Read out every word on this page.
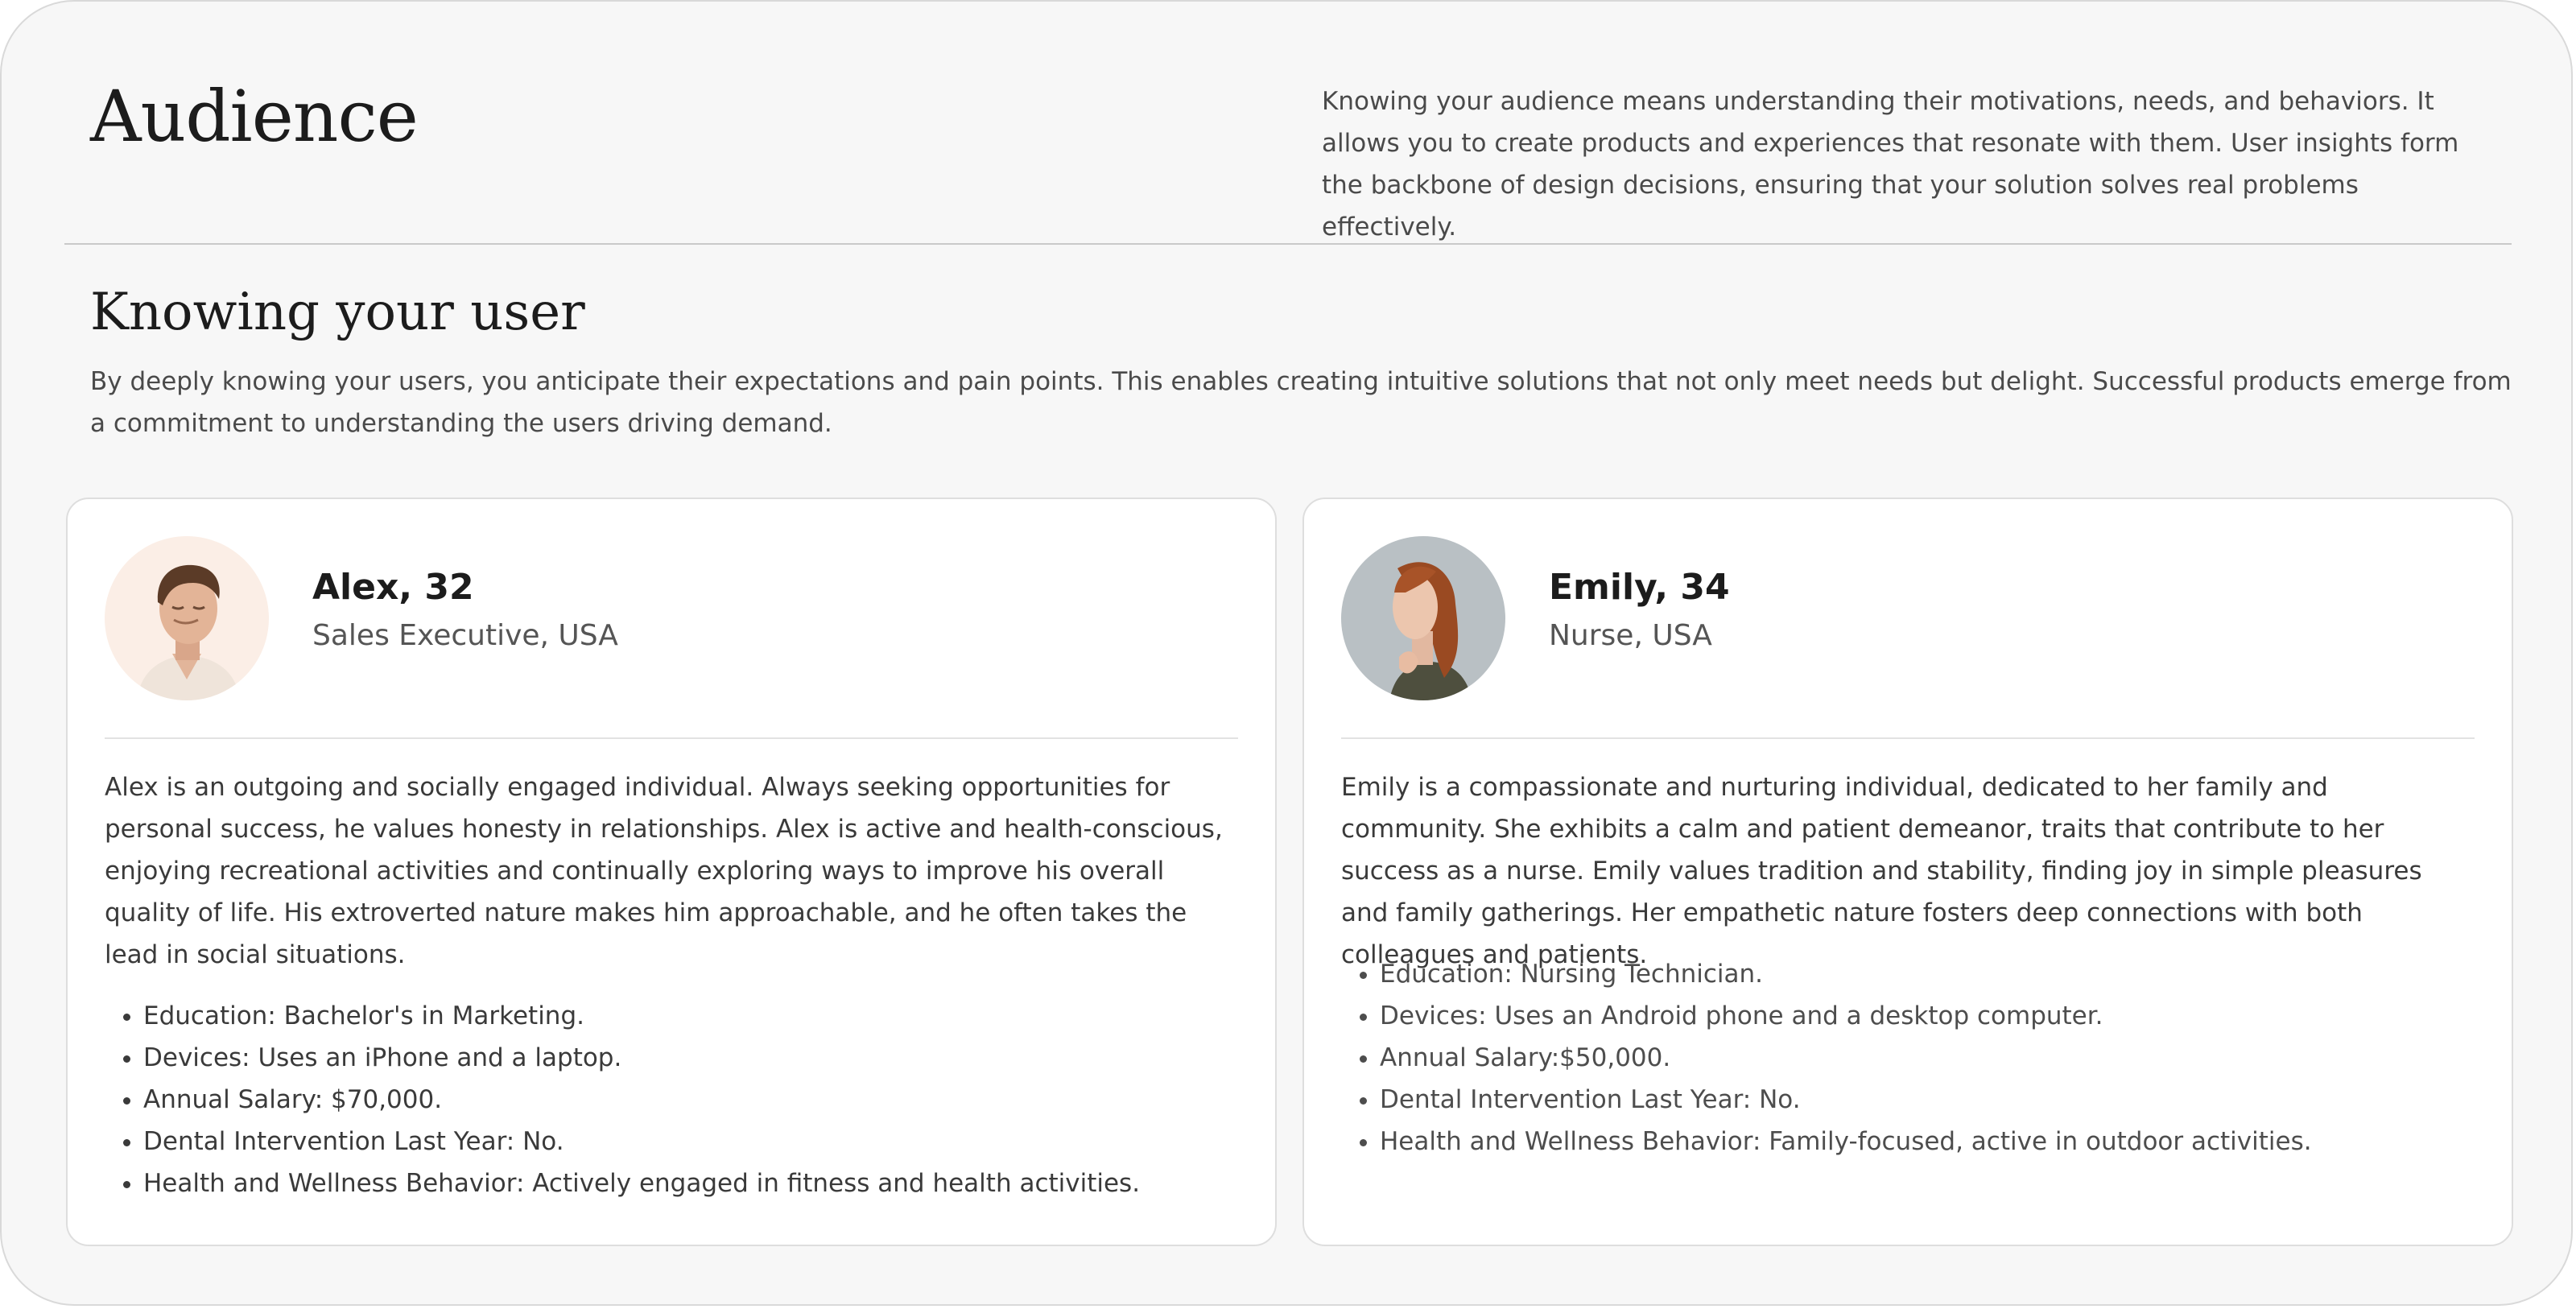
Audience	Knowing your audience means understanding their motivations, needs, and behaviors. It allows you to create products and experiences that resonate with them. User insights form the backbone of design decisions, ensuring that your solution solves real problems effectively.

Knowing your user

By deeply knowing your users, you anticipate their expectations and pain points. This enables creating intuitive solutions that not only meet needs but delight. Successful products emerge from a commitment to understanding the users driving demand.

Alex, 32

Sales Executive, USA

Alex is an outgoing and socially engaged individual. Always seeking opportunities for personal success, he values honesty in relationships. Alex is active and health-conscious, enjoying recreational activities and continually exploring ways to improve his overall quality of life. His extroverted nature makes him approachable, and he often takes the lead in social situations.

• Education: Bachelor's in Marketing.
• Devices: Uses an iPhone and a laptop.
• Annual Salary: $70,000.
• Dental Intervention Last Year: No.
• Health and Wellness Behavior: Actively engaged in fitness and health activities.
Emily, 34

Nurse, USA

Emily is a compassionate and nurturing individual, dedicated to her family and community. She exhibits a calm and patient demeanor, traits that contribute to her success as a nurse. Emily values tradition and stability, finding joy in simple pleasures and family gatherings. Her empathetic nature fosters deep connections with both colleagues and patients.

• Education: Nursing Technician.
• Devices: Uses an Android phone and a desktop computer.
• Annual Salary:$50,000.
• Dental Intervention Last Year: No.
• Health and Wellness Behavior: Family-focused, active in outdoor activities.
